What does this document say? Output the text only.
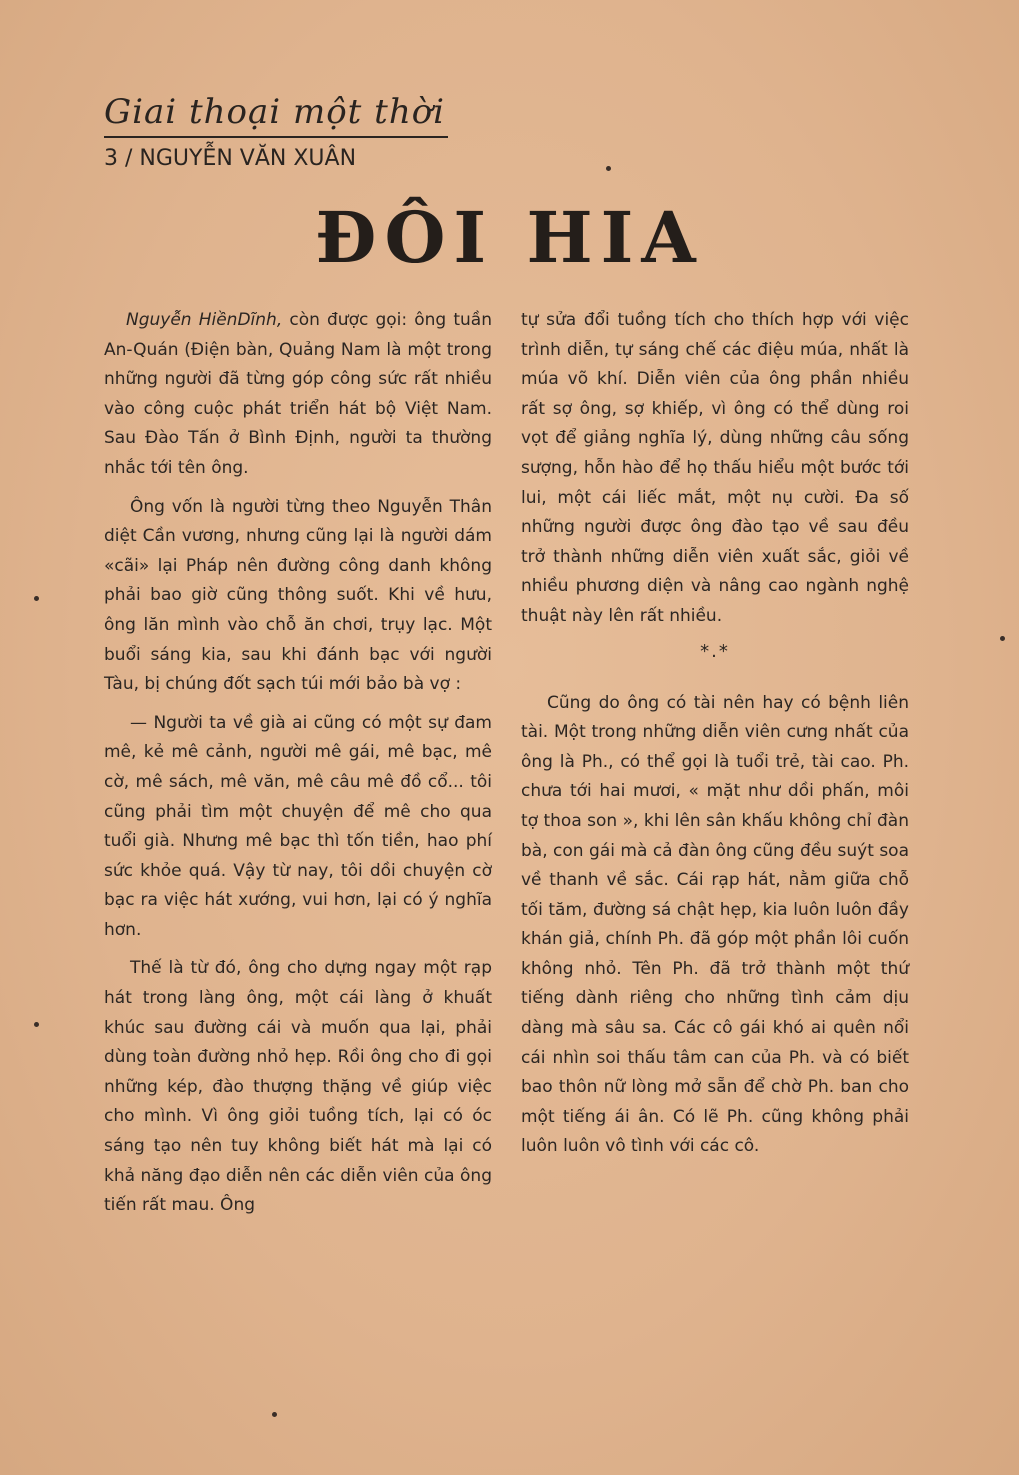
Giai thoại một thời
3 / NGUYỄN VĂN XUÂN
ĐÔI HIA

Nguyễn HiềnDĩnh, còn được gọi: ông tuần An-Quán (Điện bàn, Quảng Nam là một trong những người đã từng góp công sức rất nhiều vào công cuộc phát triển hát bộ Việt Nam. Sau Đào Tấn ở Bình Định, người ta thường nhắc tới tên ông.

Ông vốn là người từng theo Nguyễn Thân diệt Cần vương, nhưng cũng lại là người dám «cãi» lại Pháp nên đường công danh không phải bao giờ cũng thông suốt. Khi về hưu, ông lăn mình vào chỗ ăn chơi, trụy lạc. Một buổi sáng kia, sau khi đánh bạc với người Tàu, bị chúng đốt sạch túi mới bảo bà vợ :

— Người ta về già ai cũng có một sự đam mê, kẻ mê cảnh, người mê gái, mê bạc, mê cờ, mê sách, mê văn, mê câu mê đồ cổ... tôi cũng phải tìm một chuyện để mê cho qua tuổi già. Nhưng mê bạc thì tốn tiền, hao phí sức khỏe quá. Vậy từ nay, tôi dồi chuyện cờ bạc ra việc hát xướng, vui hơn, lại có ý nghĩa hơn.

Thế là từ đó, ông cho dựng ngay một rạp hát trong làng ông, một cái làng ở khuất khúc sau đường cái và muốn qua lại, phải dùng toàn đường nhỏ hẹp. Rồi ông cho đi gọi những kép, đào thượng thặng về giúp việc cho mình. Vì ông giỏi tuồng tích, lại có óc sáng tạo nên tuy không biết hát mà lại có khả năng đạo diễn nên các diễn viên của ông tiến rất mau. Ông

tự sửa đổi tuồng tích cho thích hợp với việc trình diễn, tự sáng chế các điệu múa, nhất là múa võ khí. Diễn viên của ông phần nhiều rất sợ ông, sợ khiếp, vì ông có thể dùng roi vọt để giảng nghĩa lý, dùng những câu sống sượng, hỗn hào để họ thấu hiểu một bước tới lui, một cái liếc mắt, một nụ cười. Đa số những người được ông đào tạo về sau đều trở thành những diễn viên xuất sắc, giỏi về nhiều phương diện và nâng cao ngành nghệ thuật này lên rất nhiều.

*.*

Cũng do ông có tài nên hay có bệnh liên tài. Một trong những diễn viên cưng nhất của ông là Ph., có thể gọi là tuổi trẻ, tài cao. Ph. chưa tới hai mươi, « mặt như dồi phấn, môi tợ thoa son », khi lên sân khấu không chỉ đàn bà, con gái mà cả đàn ông cũng đều suýt soa về thanh về sắc. Cái rạp hát, nằm giữa chỗ tối tăm, đường sá chật hẹp, kia luôn luôn đầy khán giả, chính Ph. đã góp một phần lôi cuốn không nhỏ. Tên Ph. đã trở thành một thứ tiếng dành riêng cho những tình cảm dịu dàng mà sâu sa. Các cô gái khó ai quên nổi cái nhìn soi thấu tâm can của Ph. và có biết bao thôn nữ lòng mở sẵn để chờ Ph. ban cho một tiếng ái ân. Có lẽ Ph. cũng không phải luôn luôn vô tình với các cô.
